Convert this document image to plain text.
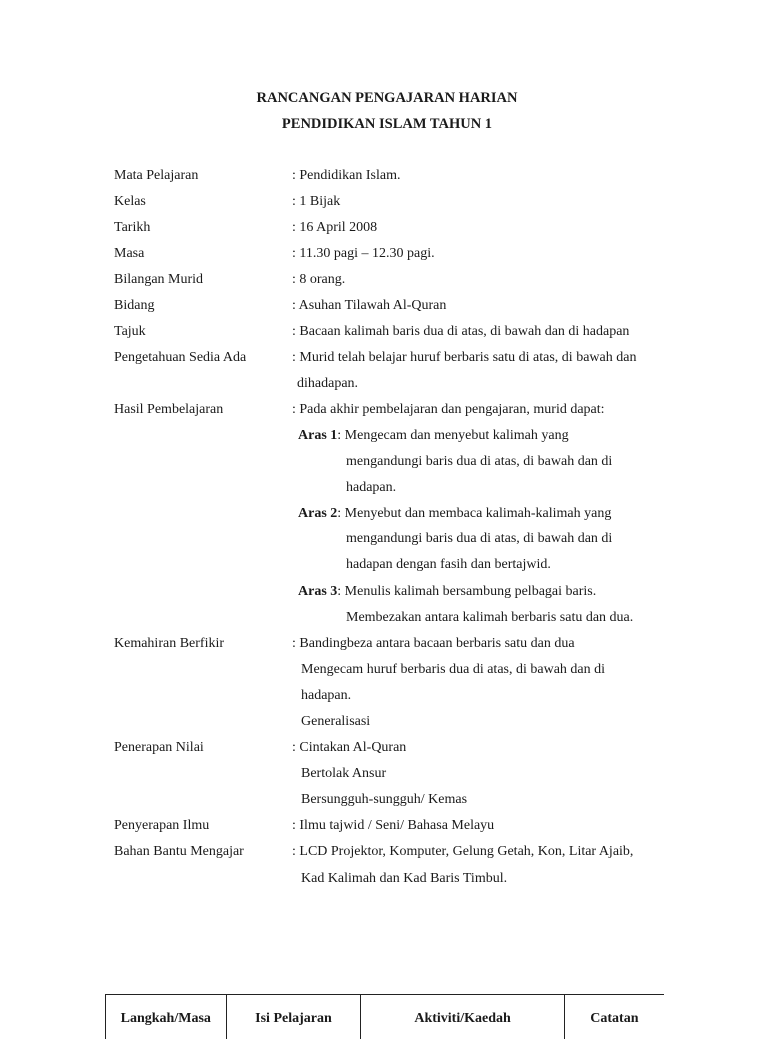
RANCANGAN PENGAJARAN HARIAN
PENDIDIKAN ISLAM TAHUN 1
Mata Pelajaran	: Pendidikan Islam.
Kelas	: 1 Bijak
Tarikh	: 16 April 2008
Masa	: 11.30 pagi – 12.30 pagi.
Bilangan Murid	: 8 orang.
Bidang	: Asuhan Tilawah Al-Quran
Tajuk	: Bacaan kalimah baris dua di atas, di bawah dan di hadapan
Pengetahuan Sedia Ada	: Murid telah belajar huruf berbaris satu di atas, di bawah dan
dihadapan.
Hasil Pembelajaran	: Pada akhir pembelajaran dan pengajaran, murid dapat:
Aras 1: Mengecam dan menyebut kalimah yang
mengandungi baris dua di atas, di bawah dan di
hadapan.
Aras 2: Menyebut dan membaca kalimah-kalimah yang
mengandungi baris dua di atas, di bawah dan di
hadapan dengan fasih dan bertajwid.
Aras 3: Menulis kalimah bersambung pelbagai baris.
Membezakan antara kalimah berbaris satu dan dua.
Kemahiran Berfikir	: Bandingbeza antara bacaan berbaris satu dan dua
Mengecam huruf berbaris dua di atas, di bawah dan di
hadapan.
Generalisasi
Penerapan Nilai	: Cintakan Al-Quran
Bertolak Ansur
Bersungguh-sungguh/ Kemas
Penyerapan Ilmu	: Ilmu tajwid / Seni/ Bahasa Melayu
Bahan Bantu Mengajar	: LCD Projektor, Komputer, Gelung Getah, Kon, Litar Ajaib,
Kad Kalimah dan Kad Baris Timbul.
Langkah/Masa	Isi Pelajaran	Aktiviti/Kaedah	Catatan
